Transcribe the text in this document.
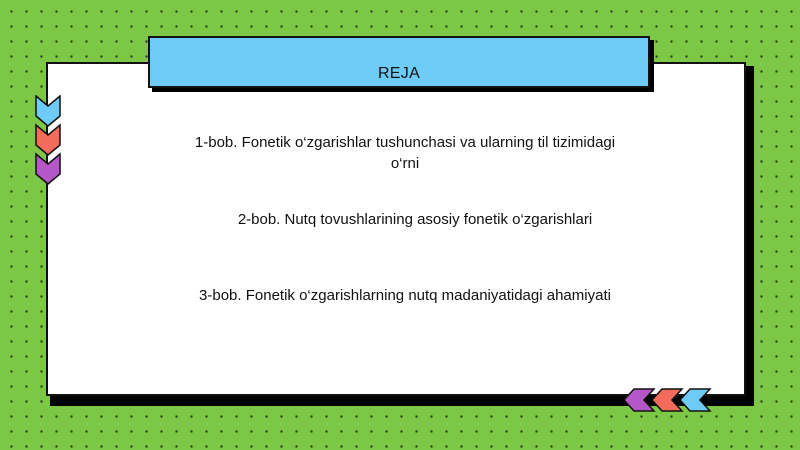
REJA
1-bob. Fonetik o‘zgarishlar tushunchasi va ularning til tizimidagi o‘rni
2-bob. Nutq tovushlarining asosiy fonetik o‘zgarishlari
3-bob. Fonetik o‘zgarishlarning nutq madaniyatidagi ahamiyati
